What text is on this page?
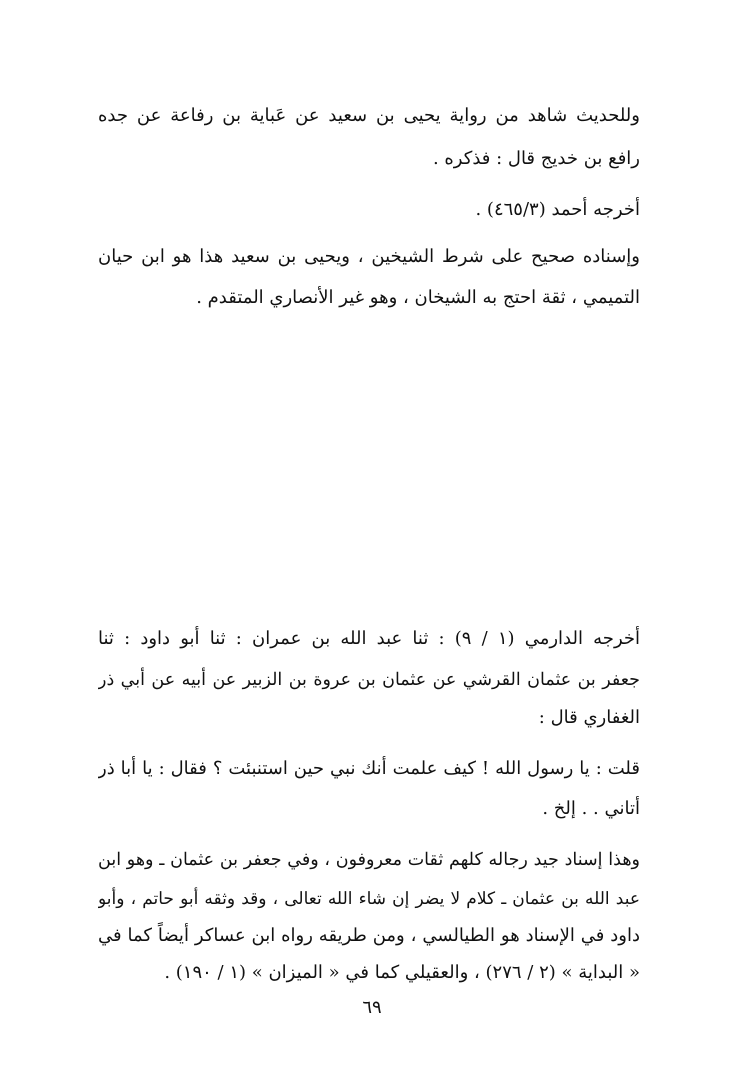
وللحديث شاهد من رواية يحيى بن سعيد عن عَباية بن رفاعة عن جده
رافع بن خديج قال : فذكره .
أخرجه أحمد (٤٦٥/٣) .
وإسناده صحيح على شرط الشيخين ، ويحيى بن سعيد هذا هو ابن حيان
التميمي ، ثقة احتج به الشيخان ، وهو غير الأنصاري المتقدم .
أخرجه الدارمي (١ / ٩) : ثنا عبد الله بن عمران : ثنا أبو داود : ثنا
جعفر بن عثمان القرشي عن عثمان بن عروة بن الزبير عن أبيه عن أبي ذر
الغفاري قال :
قلت : يا رسول الله ! كيف علمت أنك نبي حين استنبئت ؟ فقال : يا أبا ذر
أتاني . . إلخ .
وهذا إسناد جيد رجاله كلهم ثقات معروفون ، وفي جعفر بن عثمان ـ وهو ابن
عبد الله بن عثمان ـ كلام لا يضر إن شاء الله تعالى ، وقد وثقه أبو حاتم ، وأبو
داود في الإسناد هو الطيالسي ، ومن طريقه رواه ابن عساكر أيضاً كما في
« البداية » (٢ / ٢٧٦) ، والعقيلي كما في « الميزان » (١ / ١٩٠) .
٦٩
